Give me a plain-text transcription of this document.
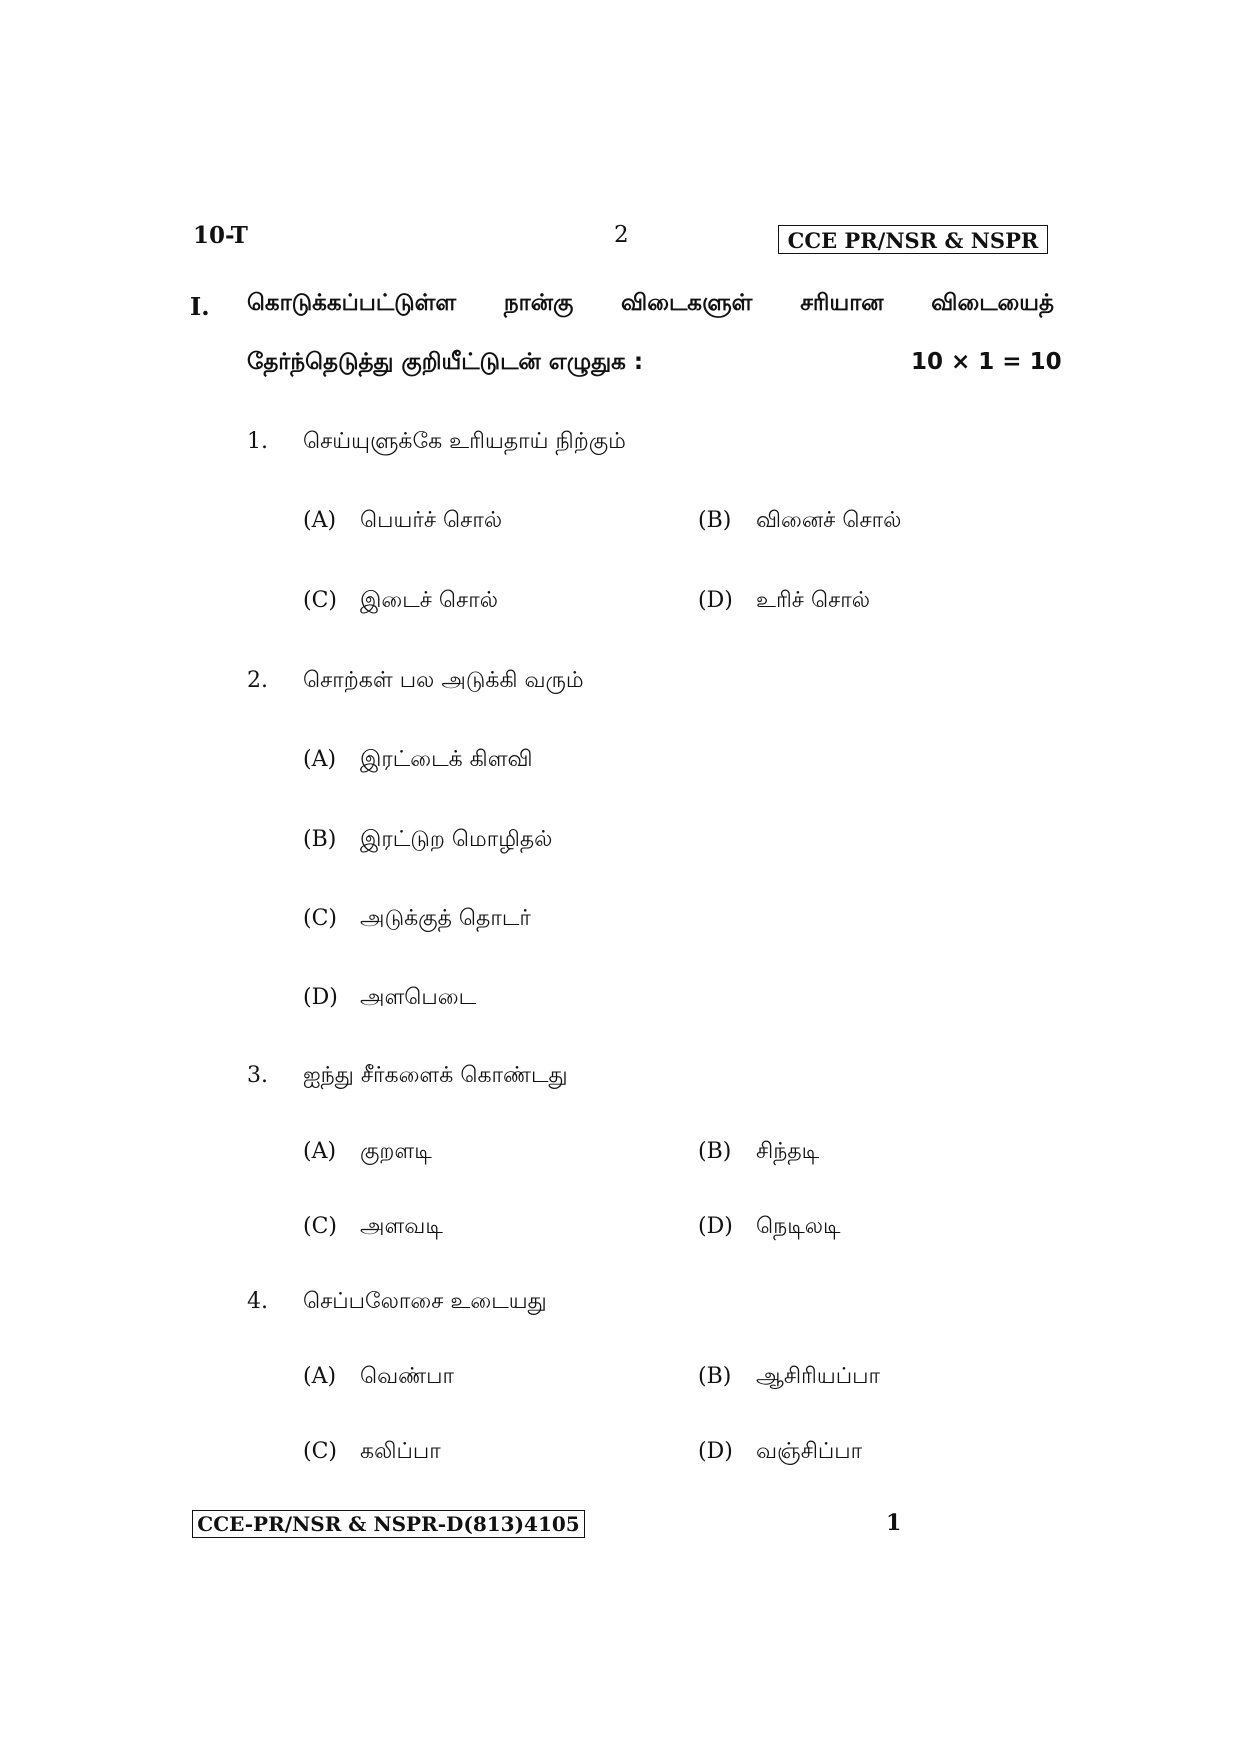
10-T	2	CCE PR/NSR & NSPR
I. கொடுக்கப்பட்டுள்ள நான்கு விடைகளுள் சரியான விடையைத்
தேர்ந்தெடுத்து குறியீட்டுடன் எழுதுக :	10 × 1 = 10
1. செய்யுளுக்கே உரியதாய் நிற்கும்
(A) பெயர்ச் சொல்	(B) வினைச் சொல்
(C) இடைச் சொல்	(D) உரிச் சொல்
2. சொற்கள் பல அடுக்கி வரும்
(A) இரட்டைக் கிளவி
(B) இரட்டுற மொழிதல்
(C) அடுக்குத் தொடர்
(D) அளபெடை
3. ஐந்து சீர்களைக் கொண்டது
(A) குறளடி	(B) சிந்தடி
(C) அளவடி	(D) நெடிலடி
4. செப்பலோசை உடையது
(A) வெண்பா	(B) ஆசிரியப்பா
(C) கலிப்பா	(D) வஞ்சிப்பா
CCE-PR/NSR & NSPR-D(813)4105	1
